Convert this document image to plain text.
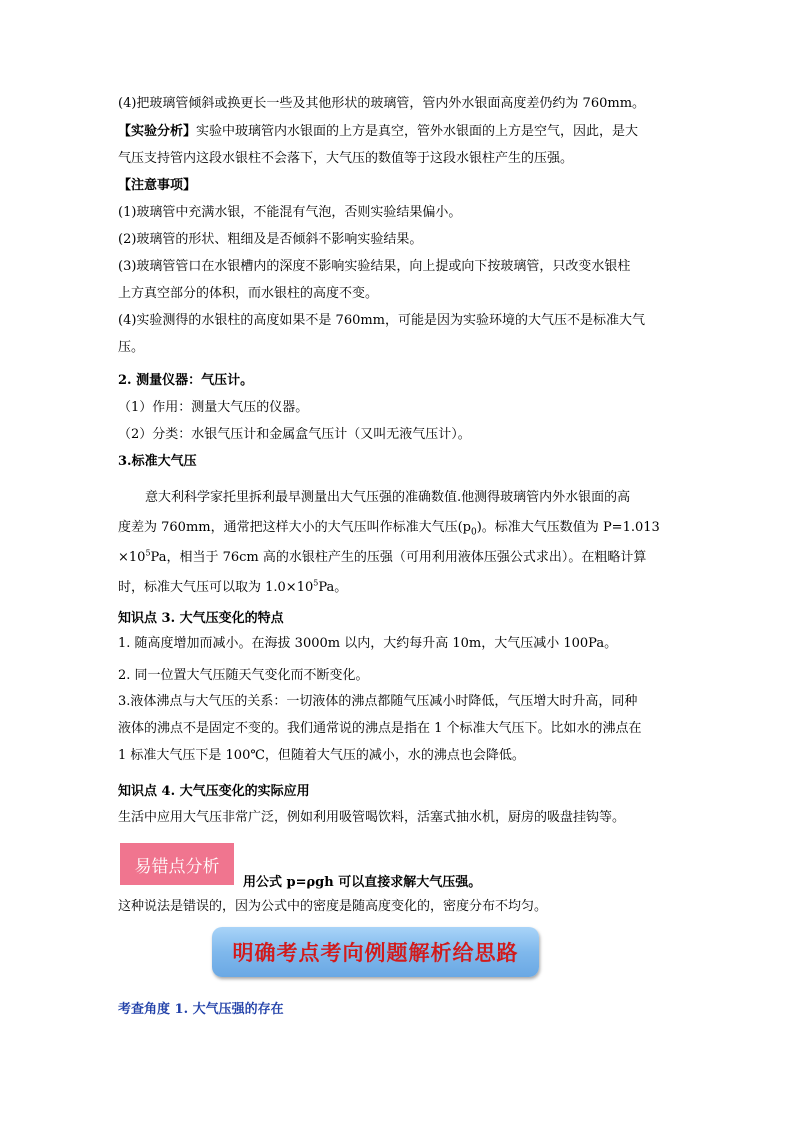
(4)把玻璃管倾斜或换更长一些及其他形状的玻璃管，管内外水银面高度差仍约为 760mm。
【实验分析】实验中玻璃管内水银面的上方是真空，管外水银面的上方是空气，因此，是大
气压支持管内这段水银柱不会落下，大气压的数值等于这段水银柱产生的压强。
【注意事项】
(1)玻璃管中充满水银，不能混有气泡，否则实验结果偏小。
(2)玻璃管的形状、粗细及是否倾斜不影响实验结果。
(3)玻璃管管口在水银槽内的深度不影响实验结果，向上提或向下按玻璃管，只改变水银柱
上方真空部分的体积，而水银柱的高度不变。
(4)实验测得的水银柱的高度如果不是 760mm，可能是因为实验环境的大气压不是标准大气
压。
2. 测量仪器：气压计。
（1）作用：测量大气压的仪器。
（2）分类：水银气压计和金属盒气压计（又叫无液气压计）。
3.标准大气压
意大利科学家托里拆利最早测量出大气压强的准确数值.他测得玻璃管内外水银面的高
度差为 760mm，通常把这样大小的大气压叫作标准大气压$(p_0)$。标准大气压数值为 P=1.013
$\times 10^5Pa$，相当于 76cm 高的水银柱产生的压强（可用利用液体压强公式求出）。在粗略计算
时，标准大气压可以取为 $1.0\times 10^5Pa$。
知识点 3. 大气压变化的特点
1. 随高度增加而减小。在海拔 3000m 以内，大约每升高 10m，大气压减小 100Pa。
2. 同一位置大气压随天气变化而不断变化。
3.液体沸点与大气压的关系：一切液体的沸点都随气压减小时降低，气压增大时升高，同种
液体的沸点不是固定不变的。我们通常说的沸点是指在 1 个标准大气压下。比如水的沸点在
1 标准大气压下是 100℃，但随着大气压的减小，水的沸点也会降低。
知识点 4. 大气压变化的实际应用
生活中应用大气压非常广泛，例如利用吸管喝饮料，活塞式抽水机，厨房的吸盘挂钩等。
易错点分析
用公式 p=ρgh 可以直接求解大气压强。
这种说法是错误的，因为公式中的密度是随高度变化的，密度分布不均匀。
明确考点考向例题解析给思路
考查角度 1. 大气压强的存在
